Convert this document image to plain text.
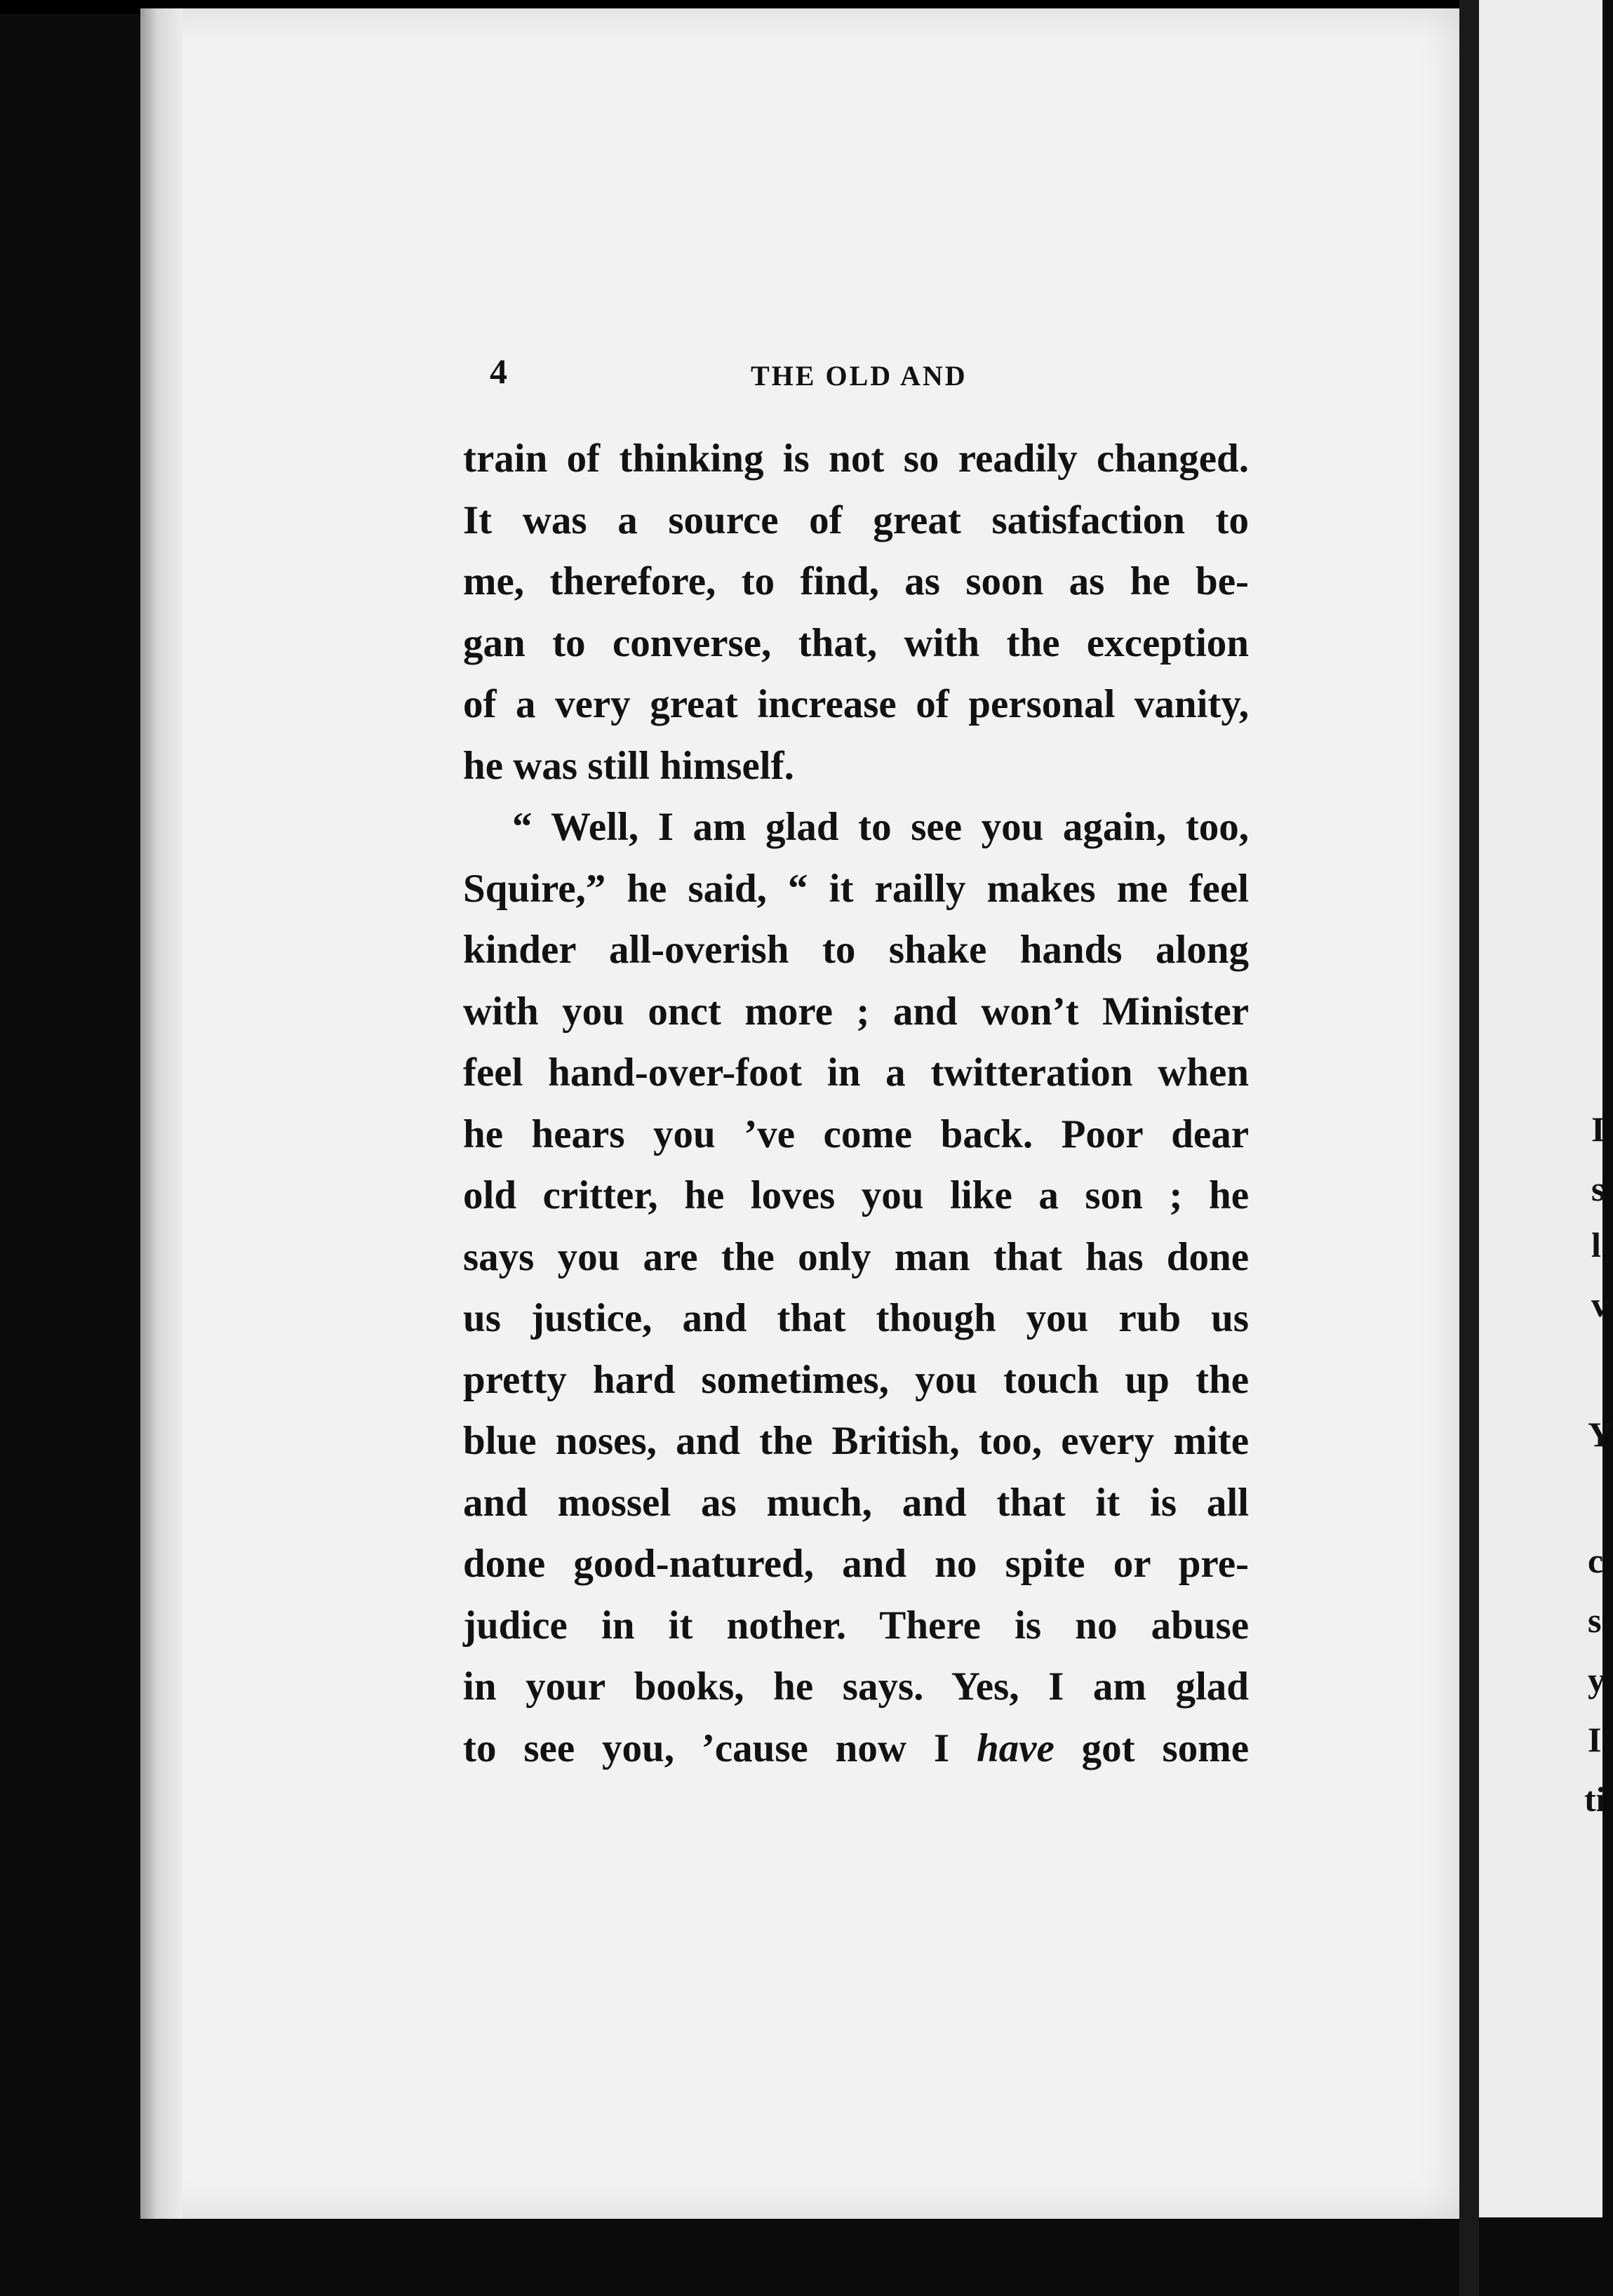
I
s
l
v
Y
c
s
y
I
ti
4	THE OLD AND
train of thinking is not so readily changed.
It was a source of great satisfaction to
me, therefore, to find, as soon as he be-
gan to converse, that, with the exception
of a very great increase of personal vanity,
he was still himself.
“ Well, I am glad to see you again, too,
Squire,” he said, “ it railly makes me feel
kinder all-overish to shake hands along
with you onct more ; and won’t Minister
feel hand-over-foot in a twitteration when
he hears you ’ve come back. Poor dear
old critter, he loves you like a son ; he
says you are the only man that has done
us justice, and that though you rub us
pretty hard sometimes, you touch up the
blue noses, and the British, too, every mite
and mossel as much, and that it is all
done good-natured, and no spite or pre-
judice in it nother. There is no abuse
in your books, he says. Yes, I am glad
to see you, ’cause now I have got some
